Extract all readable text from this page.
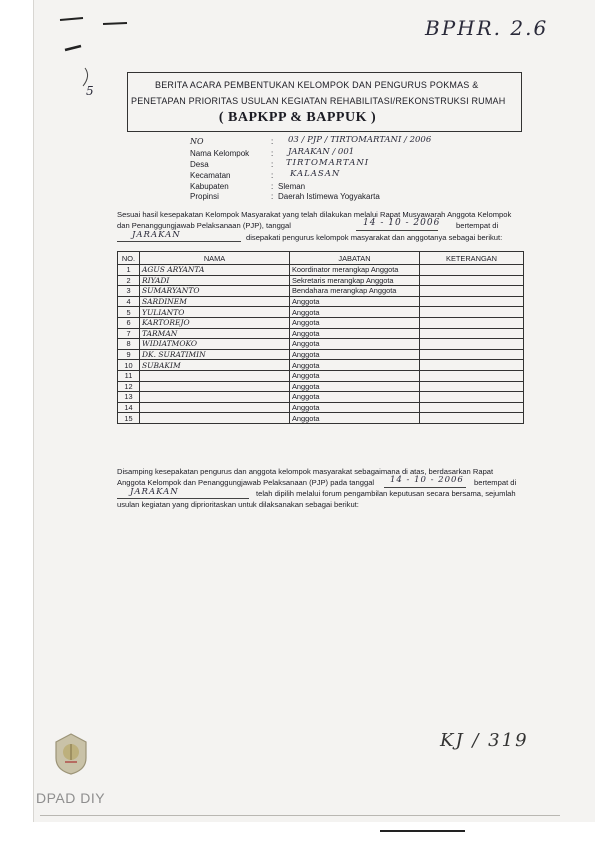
5
BPHR. 2.6
BERITA ACARA PEMBENTUKAN KELOMPOK DAN PENGURUS POKMAS &
PENETAPAN PRIORITAS USULAN KEGIATAN REHABILITASI/REKONSTRUKSI RUMAH
( BAPKPP & BAPPUK )
NO	: 03 / PJP / TIRTOMARTANI / 2006
Nama Kelompok	: JARAKAN / 001
Desa	: TIRTOMARTANI
Kecamatan	: KALASAN
Kabupaten	: Sleman
Propinsi	: Daerah Istimewa Yogyakarta
Sesuai hasil kesepakatan Kelompok Masyarakat yang telah dilakukan melalui Rapat Musyawarah Anggota Kelompok
dan Penanggungjawab Pelaksanaan (PJP), tanggal	14 - 10 - 2006 bertempat di
JARAKAN	disepakati pengurus kelompok masyarakat dan anggotanya sebagai berikut:
NO.	NAMA	JABATAN	KETERANGAN
1	AGUS ARYANTA	Koordinator merangkap Anggota	
2	RIYADI	Sekretaris merangkap Anggota	
3	SUMARYANTO	Bendahara merangkap Anggota	
4	SARDINEM	Anggota	
5	YULIANTO	Anggota	
6	KARTOREJO	Anggota	
7	TARMAN	Anggota	
8	WIDIATMOKO	Anggota	
9	DK. SURATIMIN	Anggota	
10	SUBAKIM	Anggota	
11		Anggota	
12		Anggota	
13		Anggota	
14		Anggota	
15		Anggota	
Disamping kesepakatan pengurus dan anggota kelompok masyarakat sebagaimana di atas, berdasarkan Rapat
Anggota Kelompok dan Penanggungjawab Pelaksanaan (PJP) pada tanggal 14 - 10 - 2006 bertempat di
JARAKAN	telah dipilih melalui forum pengambilan keputusan secara bersama, sejumlah
usulan kegiatan yang diprioritaskan untuk dilaksanakan sebagai berikut:
KJ / 319
DPAD DIY
